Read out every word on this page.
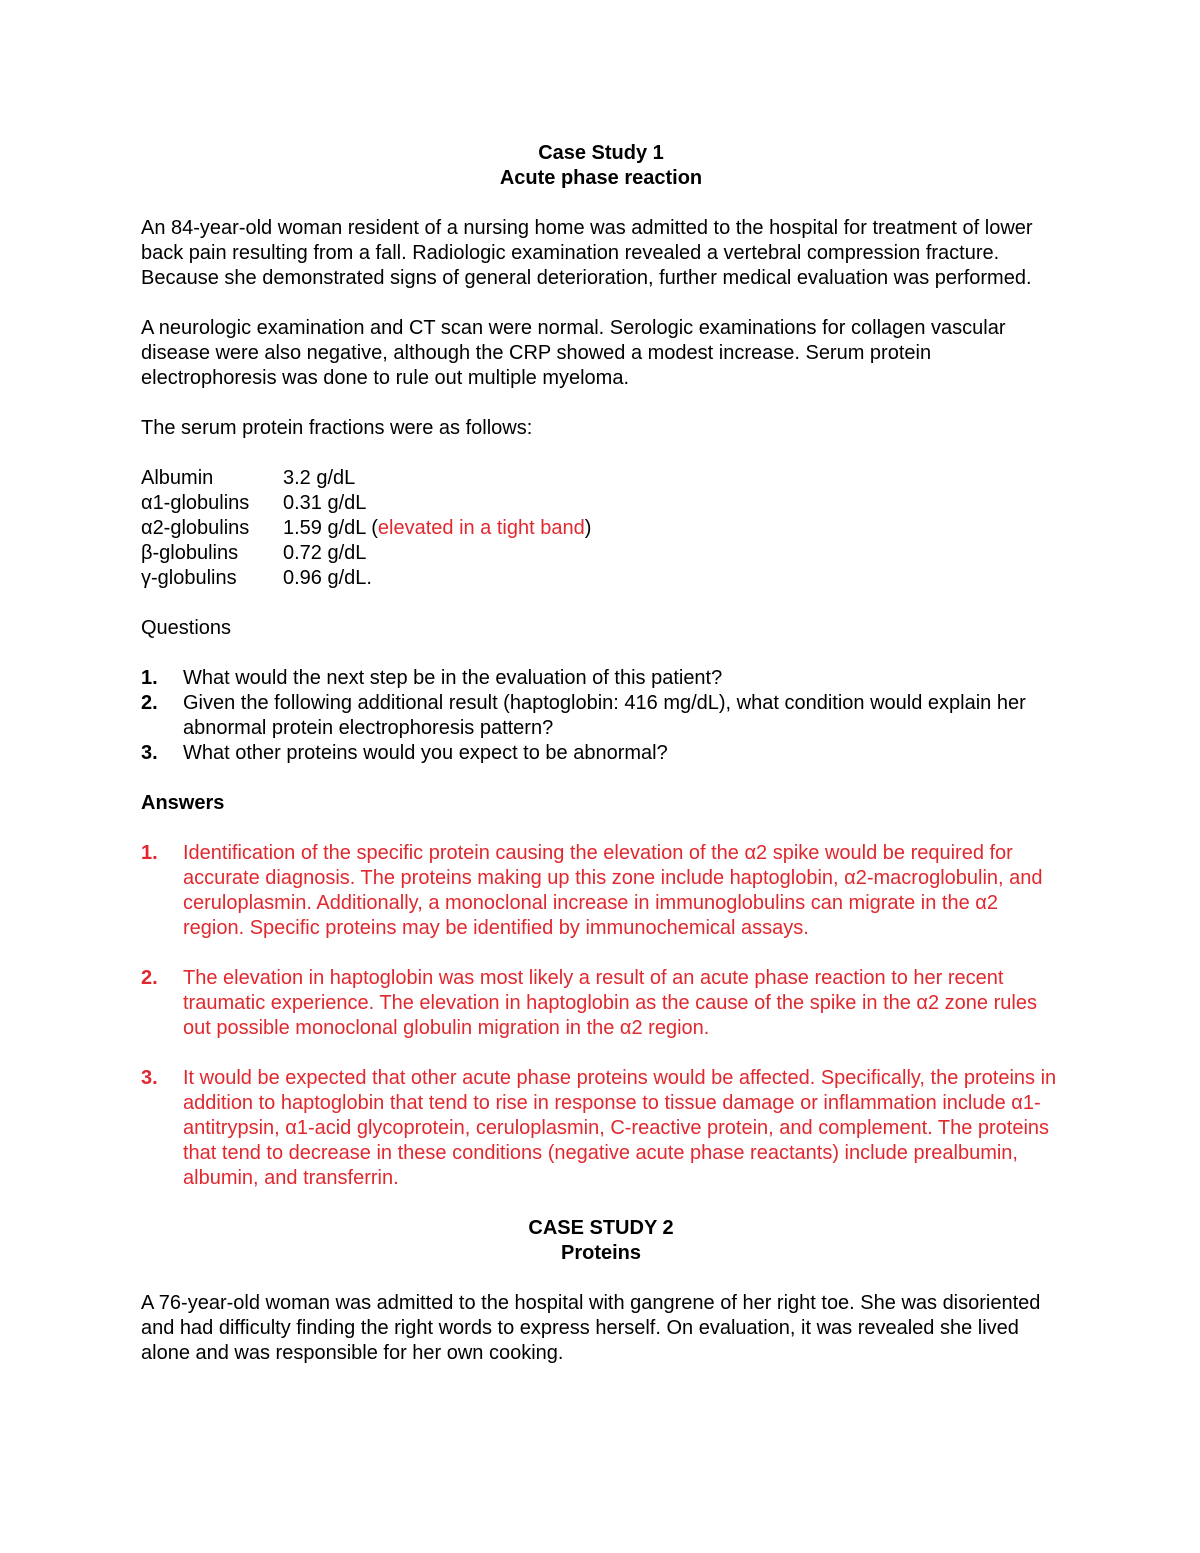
Case Study 1
Acute phase reaction

An 84-year-old woman resident of a nursing home was admitted to the hospital for treatment of lower back pain resulting from a fall. Radiologic examination revealed a vertebral compression fracture. Because she demonstrated signs of general deterioration, further medical evaluation was performed.

A neurologic examination and CT scan were normal. Serologic examinations for collagen vascular disease were also negative, although the CRP showed a modest increase. Serum protein electrophoresis was done to rule out multiple myeloma.

The serum protein fractions were as follows:

Albumin	3.2 g/dL
α1-globulins	0.31 g/dL
α2-globulins	1.59 g/dL (elevated in a tight band)
β-globulins	0.72 g/dL
γ-globulins	0.96 g/dL.

Questions

1.	What would the next step be in the evaluation of this patient?
2.	Given the following additional result (haptoglobin: 416 mg/dL), what condition would explain her abnormal protein electrophoresis pattern?
3.	What other proteins would you expect to be abnormal?
Answers
1.	Identification of the specific protein causing the elevation of the α2 spike would be required for accurate diagnosis. The proteins making up this zone include haptoglobin, α2-macroglobulin, and ceruloplasmin. Additionally, a monoclonal increase in immunoglobulins can migrate in the α2 region. Specific proteins may be identified by immunochemical assays.
2.	The elevation in haptoglobin was most likely a result of an acute phase reaction to her recent traumatic experience. The elevation in haptoglobin as the cause of the spike in the α2 zone rules out possible monoclonal globulin migration in the α2 region.
3.	It would be expected that other acute phase proteins would be affected. Specifically, the proteins in addition to haptoglobin that tend to rise in response to tissue damage or inflammation include α1-antitrypsin, α1-acid glycoprotein, ceruloplasmin, C-reactive protein, and complement. The proteins that tend to decrease in these conditions (negative acute phase reactants) include prealbumin, albumin, and transferrin.
CASE STUDY 2
Proteins

A 76-year-old woman was admitted to the hospital with gangrene of her right toe. She was disoriented and had difficulty finding the right words to express herself. On evaluation, it was revealed she lived alone and was responsible for her own cooking.
